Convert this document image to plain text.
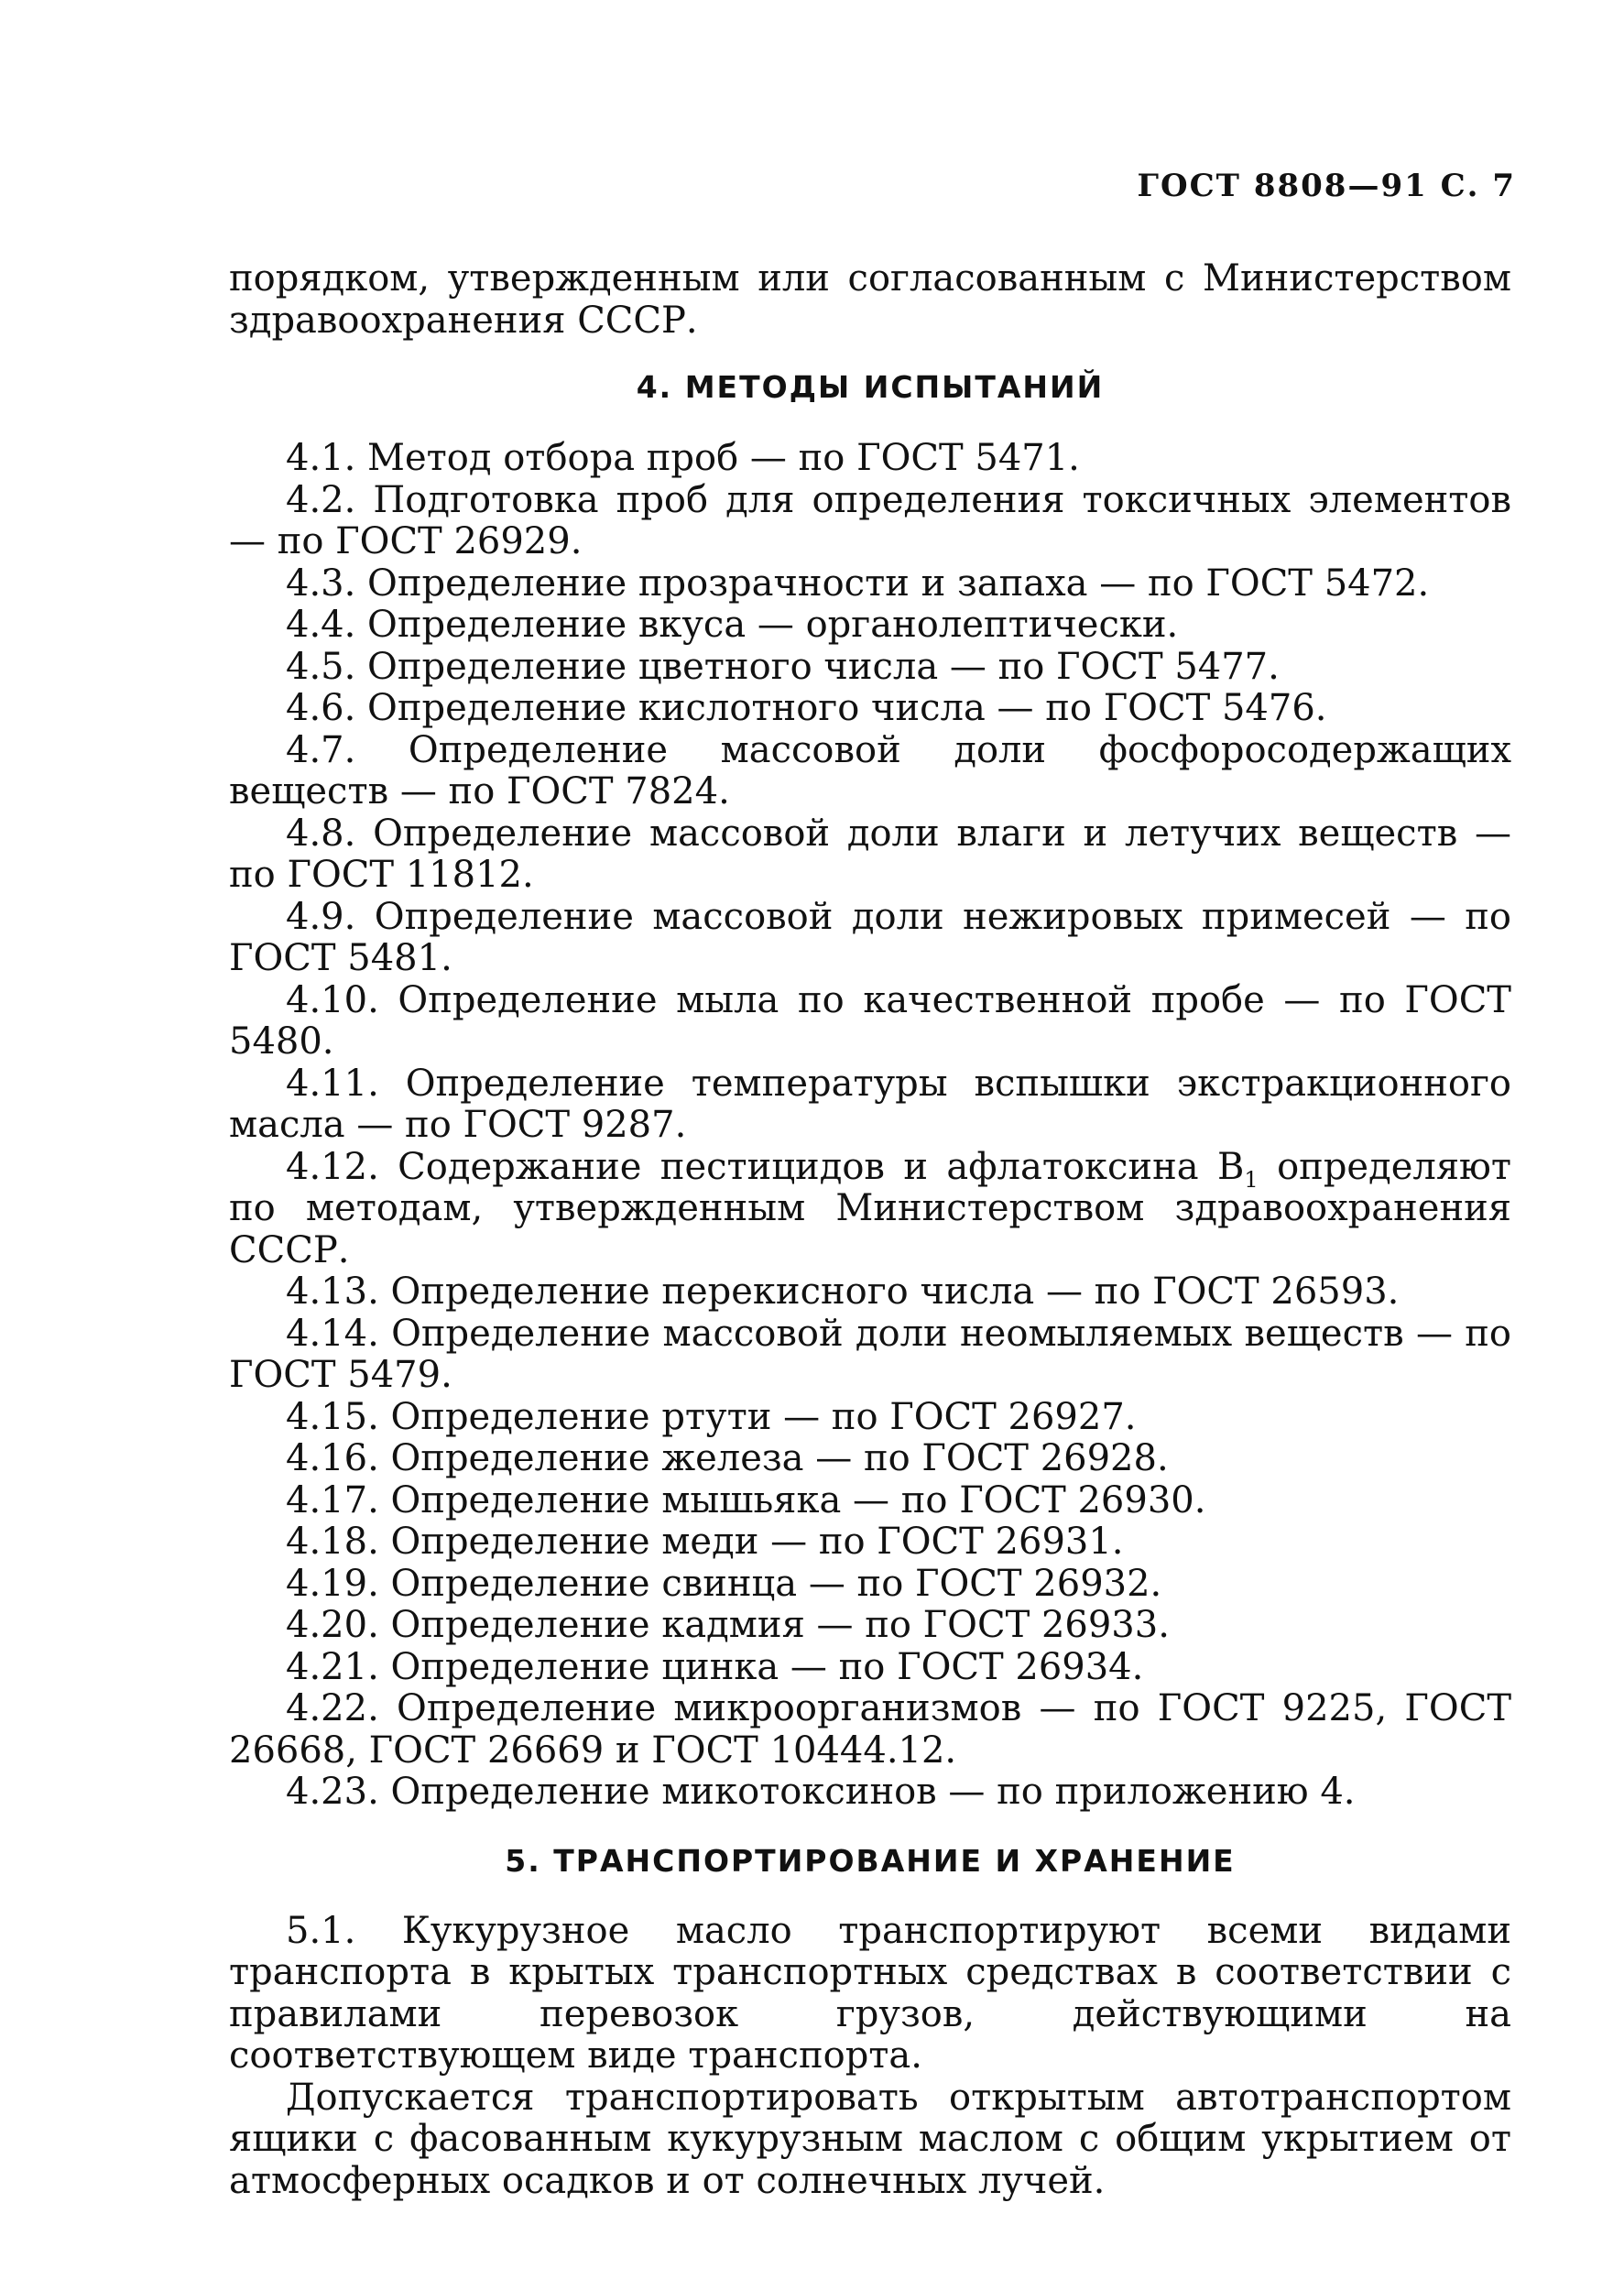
ГОСТ 8808—91 С. 7

порядком, утвержденным или согласованным с Министерством здравоохранения СССР.

4. МЕТОДЫ ИСПЫТАНИЙ

4.1. Метод отбора проб — по ГОСТ 5471.

4.2. Подготовка проб для определения токсичных элементов — по ГОСТ 26929.

4.3. Определение прозрачности и запаха — по ГОСТ 5472.

4.4. Определение вкуса — органолептически.

4.5. Определение цветного числа — по ГОСТ 5477.

4.6. Определение кислотного числа — по ГОСТ 5476.

4.7. Определение массовой доли фосфоросодержащих веществ — по ГОСТ 7824.

4.8. Определение массовой доли влаги и летучих веществ — по ГОСТ 11812.

4.9. Определение массовой доли нежировых примесей — по ГОСТ 5481.

4.10. Определение мыла по качественной пробе — по ГОСТ 5480.

4.11. Определение температуры вспышки экстракционного масла — по ГОСТ 9287.

4.12. Содержание пестицидов и афлатоксина $B_1$ определяют по методам, утвержденным Министерством здравоохранения СССР.

4.13. Определение перекисного числа — по ГОСТ 26593.

4.14. Определение массовой доли неомыляемых веществ — по ГОСТ 5479.

4.15. Определение ртути — по ГОСТ 26927.

4.16. Определение железа — по ГОСТ 26928.

4.17. Определение мышьяка — по ГОСТ 26930.

4.18. Определение меди — по ГОСТ 26931.

4.19. Определение свинца — по ГОСТ 26932.

4.20. Определение кадмия — по ГОСТ 26933.

4.21. Определение цинка — по ГОСТ 26934.

4.22. Определение микроорганизмов — по ГОСТ 9225, ГОСТ 26668, ГОСТ 26669 и ГОСТ 10444.12.

4.23. Определение микотоксинов — по приложению 4.

5. ТРАНСПОРТИРОВАНИЕ И ХРАНЕНИЕ

5.1. Кукурузное масло транспортируют всеми видами транспорта в крытых транспортных средствах в соответствии с правилами перевозок грузов, действующими на соответствующем виде транспорта.

Допускается транспортировать открытым автотранспортом ящики с фасованным кукурузным маслом с общим укрытием от атмосферных осадков и от солнечных лучей.
